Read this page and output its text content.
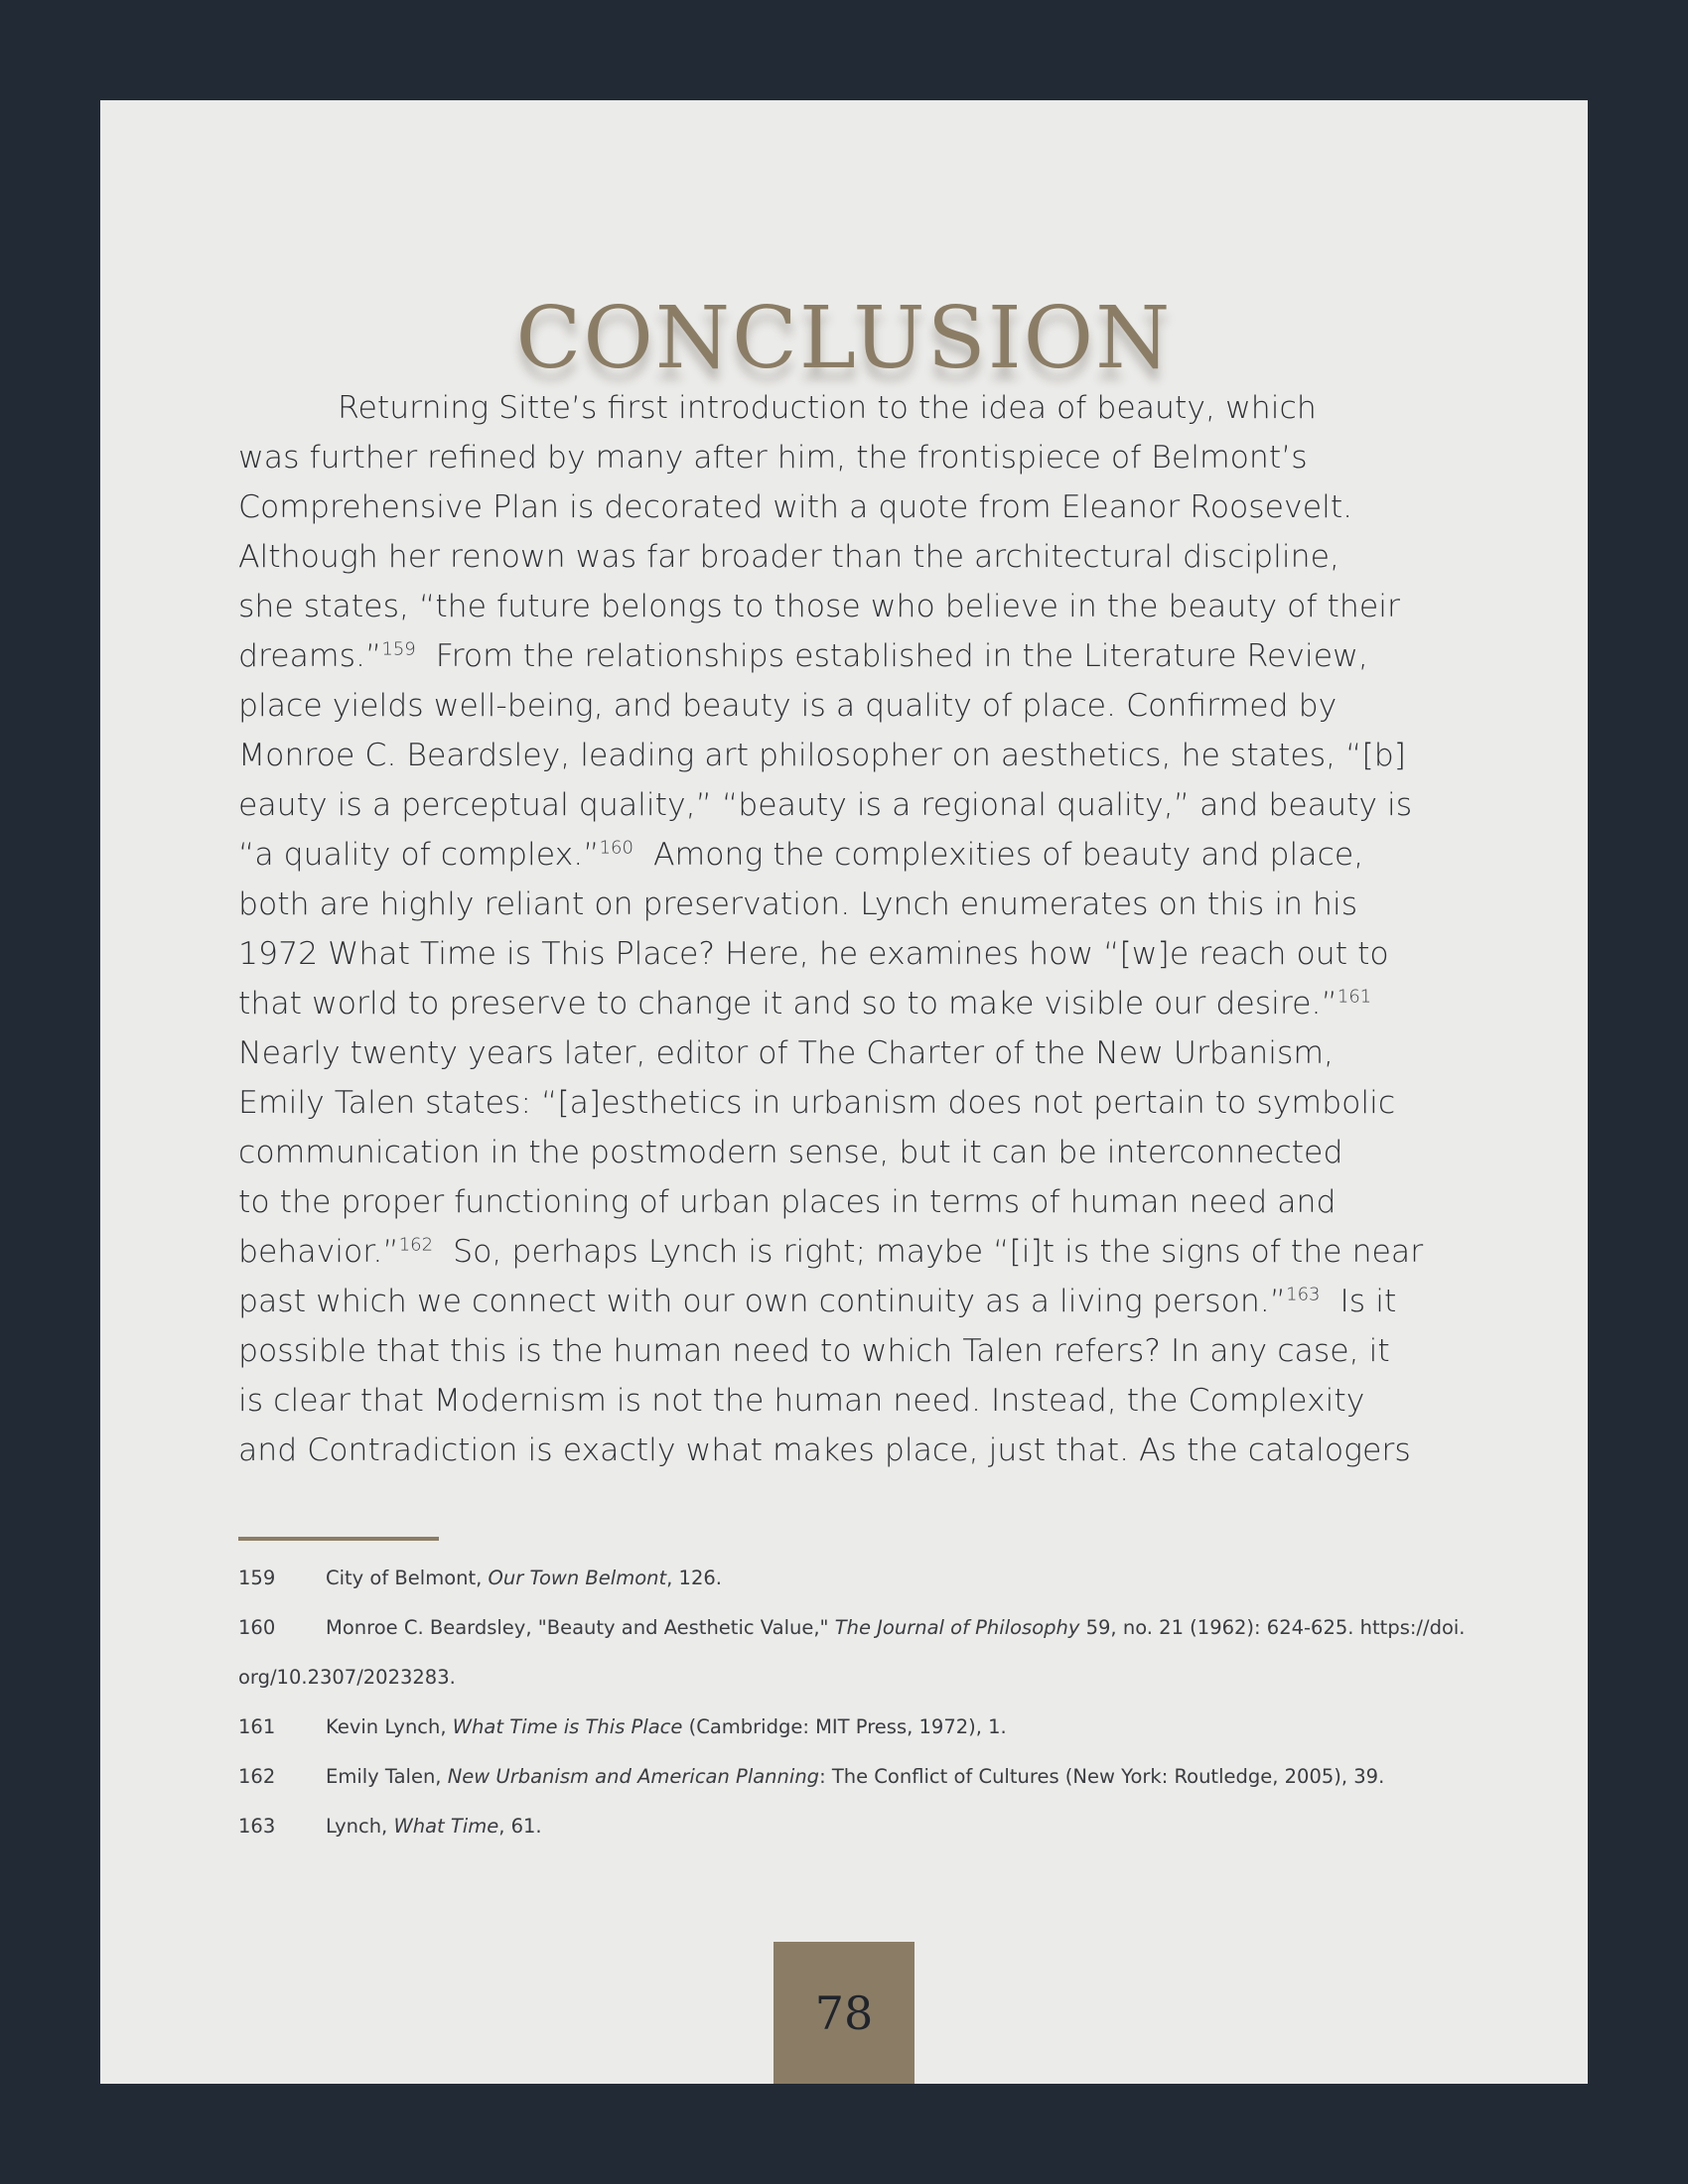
CONCLUSION
Returning Sitte’s first introduction to the idea of beauty, which
was further refined by many after him, the frontispiece of Belmont’s
Comprehensive Plan is decorated with a quote from Eleanor Roosevelt.
Although her renown was far broader than the architectural discipline,
she states, “the future belongs to those who believe in the beauty of their
dreams.”$^{159}$  From the relationships established in the Literature Review,
place yields well-being, and beauty is a quality of place. Confirmed by
Monroe C. Beardsley, leading art philosopher on aesthetics, he states, “[b]
eauty is a perceptual quality,” “beauty is a regional quality,” and beauty is
“a quality of complex.”$^{160}$  Among the complexities of beauty and place,
both are highly reliant on preservation. Lynch enumerates on this in his
1972 What Time is This Place? Here, he examines how “[w]e reach out to
that world to preserve to change it and so to make visible our desire.”$^{161}$
Nearly twenty years later, editor of The Charter of the New Urbanism,
Emily Talen states: “[a]esthetics in urbanism does not pertain to symbolic
communication in the postmodern sense, but it can be interconnected
to the proper functioning of urban places in terms of human need and
behavior.”$^{162}$  So, perhaps Lynch is right; maybe “[i]t is the signs of the near
past which we connect with our own continuity as a living person.”$^{163}$  Is it
possible that this is the human need to which Talen refers? In any case, it
is clear that Modernism is not the human need. Instead, the Complexity
and Contradiction is exactly what makes place, just that. As the catalogers
159	City of Belmont, Our Town Belmont, 126.
160	Monroe C. Beardsley, "Beauty and Aesthetic Value," The Journal of Philosophy 59, no. 21 (1962): 624-625. https://doi.
org/10.2307/2023283.
161	Kevin Lynch, What Time is This Place (Cambridge: MIT Press, 1972), 1.
162	Emily Talen, New Urbanism and American Planning: The Conflict of Cultures (New York: Routledge, 2005), 39.
163	Lynch, What Time, 61.
78
